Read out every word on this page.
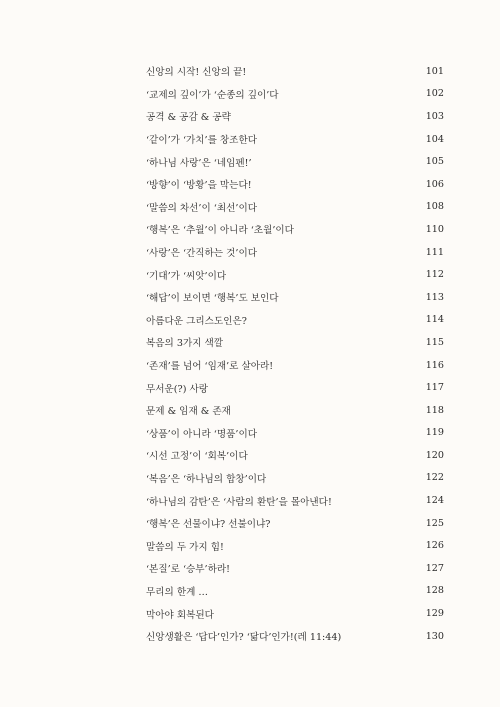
신앙의 시작! 신앙의 끝!	101
‘교제의 깊이’가 ‘순종의 깊이’다	102
공격 & 공감 & 공략	103
‘같이’가 ‘가치’를 창조한다	104
‘하나님 사랑’은 ‘네임펜!’	105
‘방향’이 ‘방황’을 막는다!	106
‘말씀의 차선’이 ‘최선’이다	108
‘행복’은 ‘추월’이 아니라 ‘초월’이다	110
‘사랑’은 ‘간직하는 것’이다	111
‘기대’가 ‘씨앗’이다	112
‘해답’이 보이면 ‘행복’도 보인다	113
아름다운 그리스도인은?	114
복음의 3가지 색깔	115
‘존재’를 넘어 ‘임재’로 살아라!	116
무서운(?) 사랑	117
문제 & 임재 & 존재	118
‘상품’이 아니라 ‘명품’이다	119
‘시선 고정’이 ‘회복’이다	120
‘복음’은 ‘하나님의 합창’이다	122
‘하나님의 감탄’은 ‘사람의 환탄’을 몰아낸다!	124
‘행복’은 선물이냐? 선불이냐?	125
말씀의 두 가지 힘!	126
‘본질’로 ‘승부’하라!	127
무리의 한계 …	128
막아야 회복된다	129
신앙생활은 ‘답다’인가? ‘닮다’인가!(레 11:44)	130
